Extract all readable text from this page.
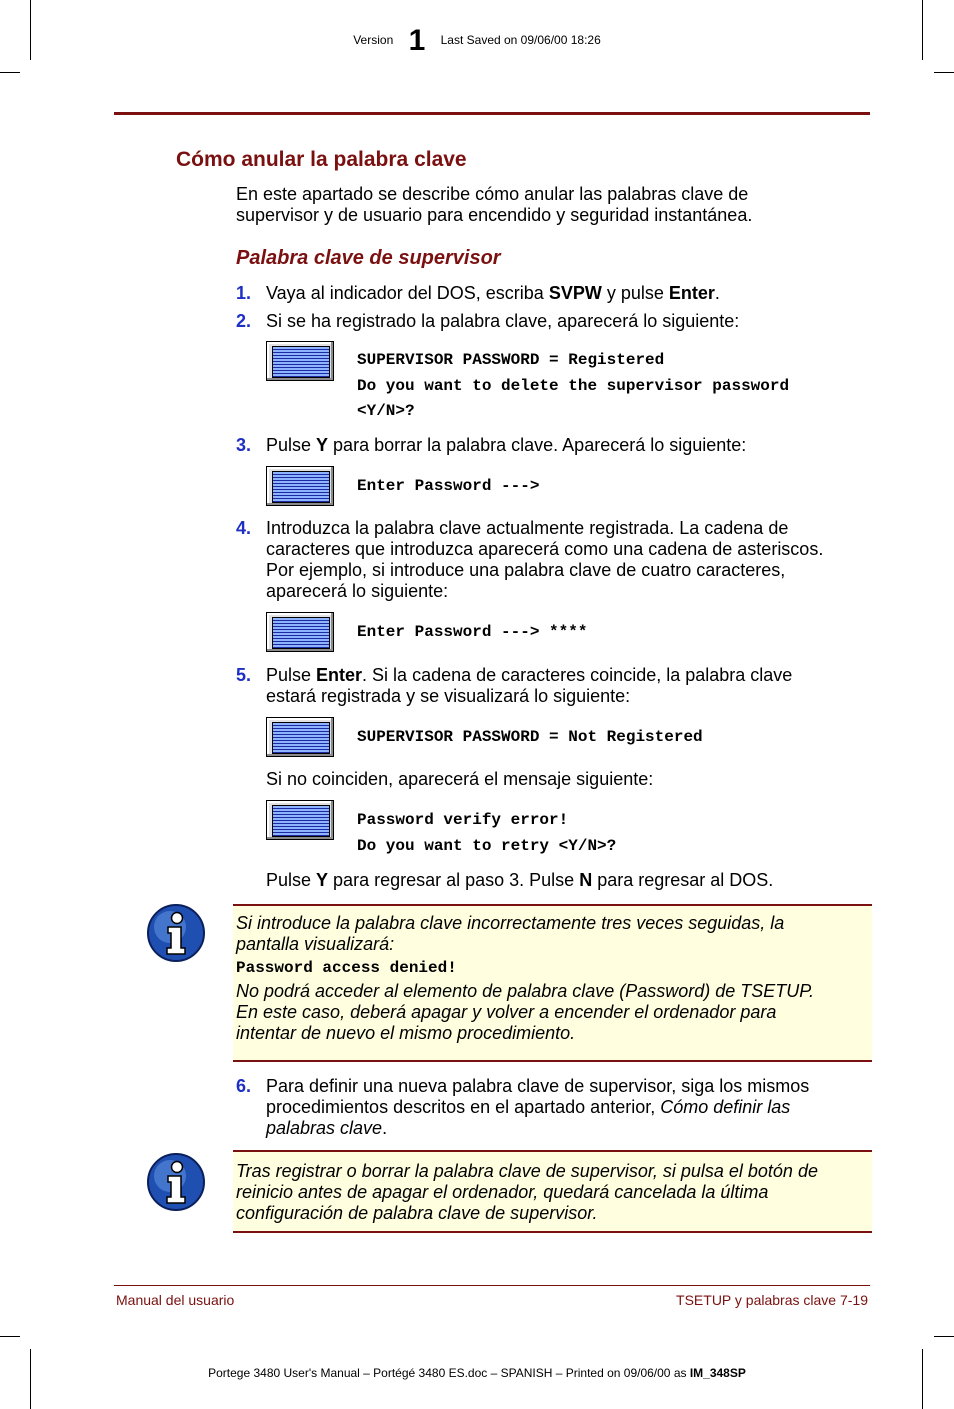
Version 1 Last Saved on 09/06/00 18:26
Cómo anular la palabra clave
En este apartado se describe cómo anular las palabras clave de
supervisor y de usuario para encendido y seguridad instantánea.
Palabra clave de supervisor
1. Vaya al indicador del DOS, escriba SVPW y pulse Enter.
2. Si se ha registrado la palabra clave, aparecerá lo siguiente:
SUPERVISOR PASSWORD = Registered
Do you want to delete the supervisor password
<Y/N>?
3. Pulse Y para borrar la palabra clave. Aparecerá lo siguiente:
Enter Password --->
4. Introduzca la palabra clave actualmente registrada. La cadena de
caracteres que introduzca aparecerá como una cadena de asteriscos.
Por ejemplo, si introduce una palabra clave de cuatro caracteres,
aparecerá lo siguiente:
Enter Password ---> ****
5. Pulse Enter. Si la cadena de caracteres coincide, la palabra clave
estará registrada y se visualizará lo siguiente:
SUPERVISOR PASSWORD = Not Registered
Si no coinciden, aparecerá el mensaje siguiente:
Password verify error!
Do you want to retry <Y/N>?
Pulse Y para regresar al paso 3. Pulse N para regresar al DOS.
Si introduce la palabra clave incorrectamente tres veces seguidas, la
pantalla visualizará:
Password access denied!
No podrá acceder al elemento de palabra clave (Password) de TSETUP.
En este caso, deberá apagar y volver a encender el ordenador para
intentar de nuevo el mismo procedimiento.
6. Para definir una nueva palabra clave de supervisor, siga los mismos
procedimientos descritos en el apartado anterior, Cómo definir las
palabras clave.
Tras registrar o borrar la palabra clave de supervisor, si pulsa el botón de
reinicio antes de apagar el ordenador, quedará cancelada la última
configuración de palabra clave de supervisor.
Manual del usuario	TSETUP y palabras clave 7-19
Portege 3480 User's Manual – Portégé 3480 ES.doc – SPANISH – Printed on 09/06/00 as IM_348SP
